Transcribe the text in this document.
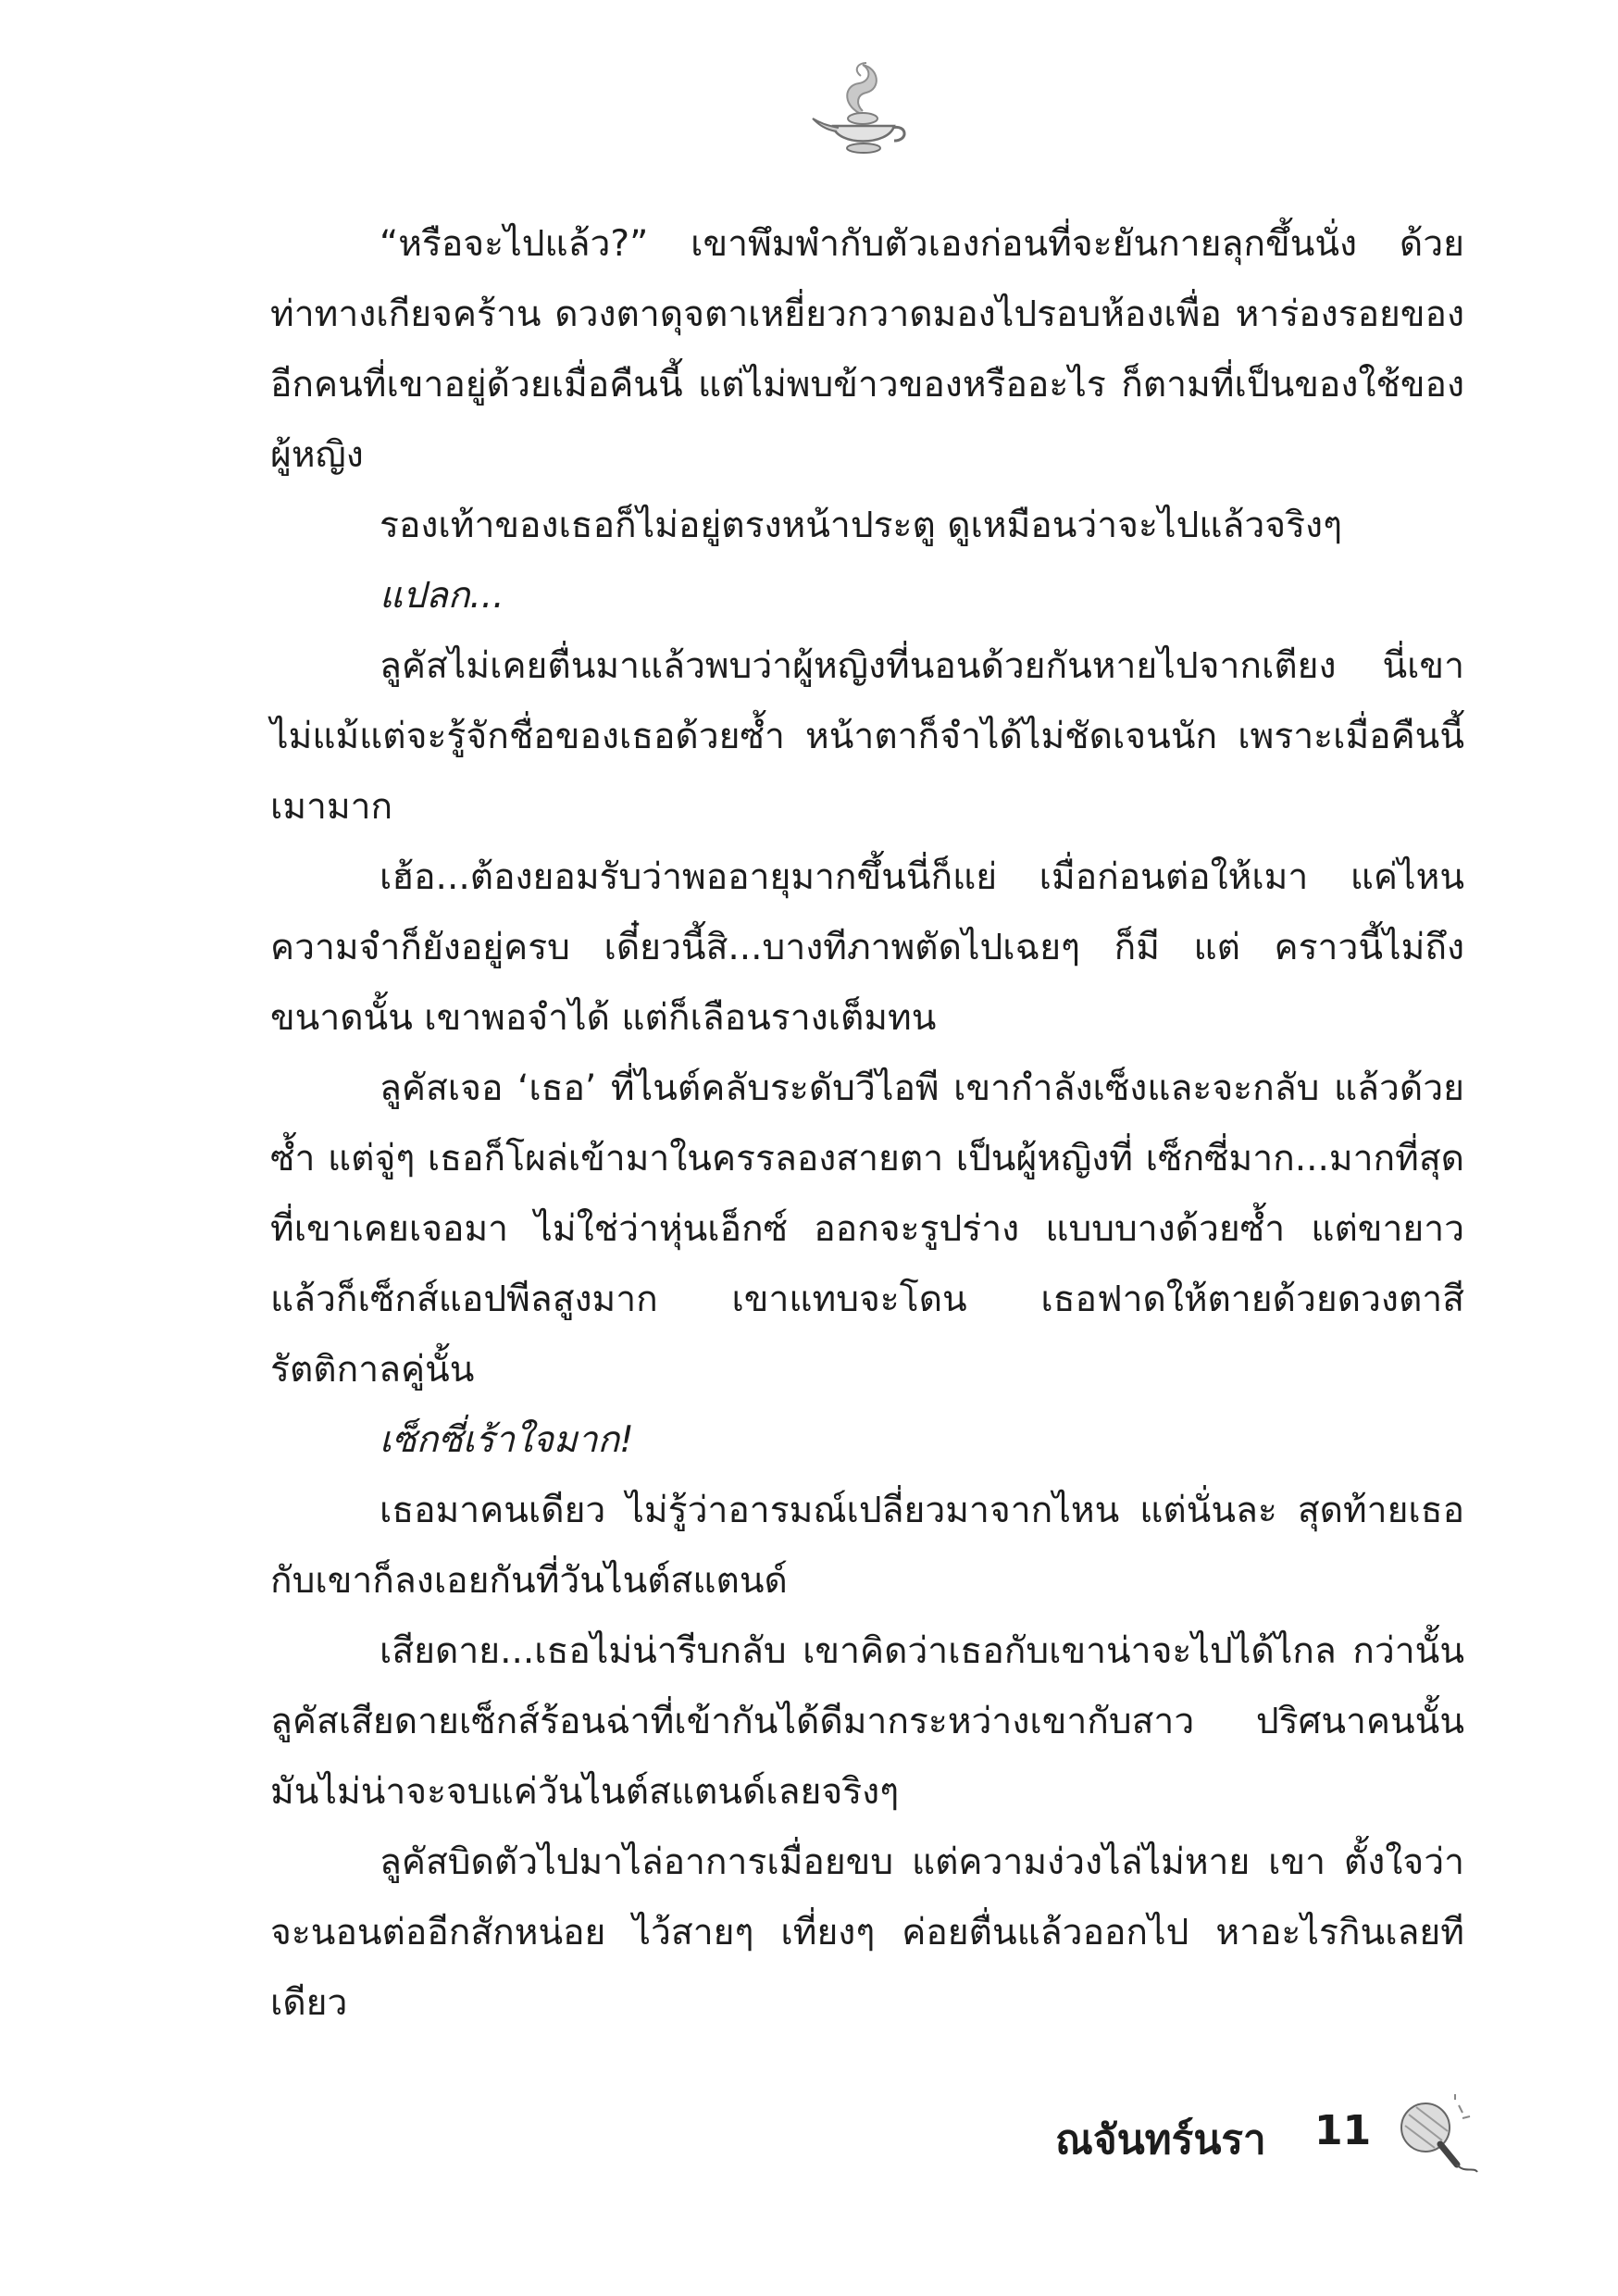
“หรือจะไปแล้ว?” เขาพึมพำกับตัวเองก่อนที่จะยันกายลุกขึ้นนั่ง ด้วยท่าทางเกียจคร้าน ดวงตาดุจตาเหยี่ยวกวาดมองไปรอบห้องเพื่อ หาร่องรอยของอีกคนที่เขาอยู่ด้วยเมื่อคืนนี้ แต่ไม่พบข้าวของหรืออะไร ก็ตามที่เป็นของใช้ของผู้หญิง

รองเท้าของเธอก็ไม่อยู่ตรงหน้าประตู ดูเหมือนว่าจะไปแล้วจริงๆ

แปลก...

ลูคัสไม่เคยตื่นมาแล้วพบว่าผู้หญิงที่นอนด้วยกันหายไปจากเตียง นี่เขาไม่แม้แต่จะรู้จักชื่อของเธอด้วยซ้ำ หน้าตาก็จำได้ไม่ชัดเจนนัก เพราะเมื่อคืนนี้เมามาก

เฮ้อ...ต้องยอมรับว่าพออายุมากขึ้นนี่ก็แย่ เมื่อก่อนต่อให้เมา แค่ไหนความจำก็ยังอยู่ครบ เดี๋ยวนี้สิ...บางทีภาพตัดไปเฉยๆ ก็มี แต่ คราวนี้ไม่ถึงขนาดนั้น เขาพอจำได้ แต่ก็เลือนรางเต็มทน

ลูคัสเจอ ‘เธอ’ ที่ไนต์คลับระดับวีไอพี เขากำลังเซ็งและจะกลับ แล้วด้วยซ้ำ แต่จู่ๆ เธอก็โผล่เข้ามาในครรลองสายตา เป็นผู้หญิงที่ เซ็กซี่มาก...มากที่สุดที่เขาเคยเจอมา ไม่ใช่ว่าหุ่นเอ็กซ์ ออกจะรูปร่าง แบบบางด้วยซ้ำ แต่ขายาว แล้วก็เซ็กส์แอปพีลสูงมาก เขาแทบจะโดน เธอฟาดให้ตายด้วยดวงตาสีรัตติกาลคู่นั้น

เซ็กซี่เร้าใจมาก!

เธอมาคนเดียว ไม่รู้ว่าอารมณ์เปลี่ยวมาจากไหน แต่นั่นละ สุดท้ายเธอกับเขาก็ลงเอยกันที่วันไนต์สแตนด์

เสียดาย...เธอไม่น่ารีบกลับ เขาคิดว่าเธอกับเขาน่าจะไปได้ไกล กว่านั้น ลูคัสเสียดายเซ็กส์ร้อนฉ่าที่เข้ากันได้ดีมากระหว่างเขากับสาว ปริศนาคนนั้น มันไม่น่าจะจบแค่วันไนต์สแตนด์เลยจริงๆ

ลูคัสบิดตัวไปมาไล่อาการเมื่อยขบ แต่ความง่วงไล่ไม่หาย เขา ตั้งใจว่าจะนอนต่ออีกสักหน่อย ไว้สายๆ เที่ยงๆ ค่อยตื่นแล้วออกไป หาอะไรกินเลยทีเดียว

ณจันทร์นรา 11
